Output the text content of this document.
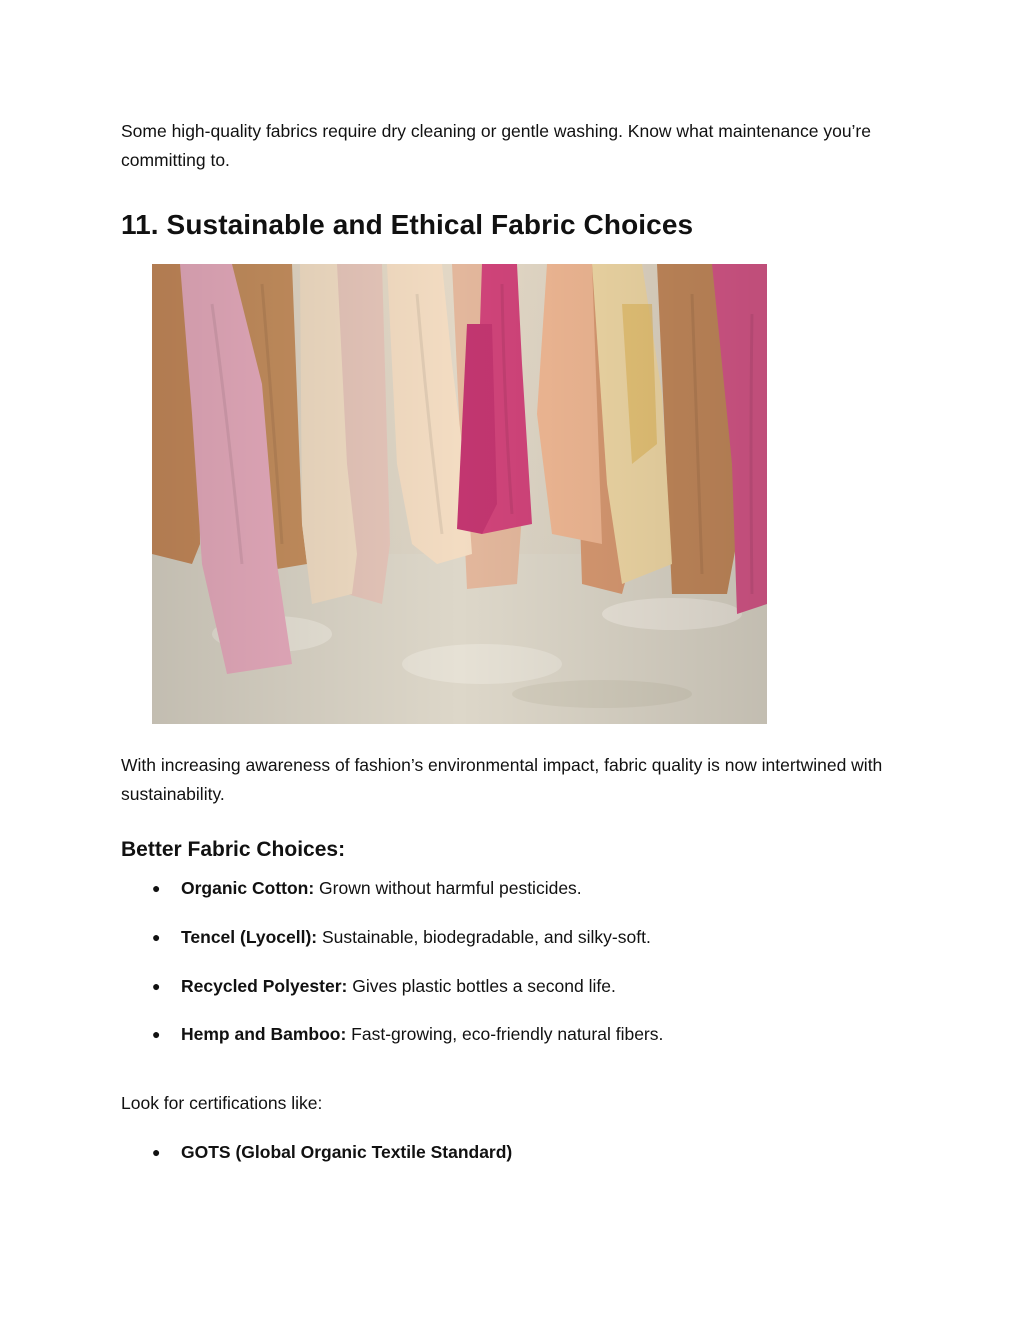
Some high-quality fabrics require dry cleaning or gentle washing. Know what maintenance you’re committing to.

11. Sustainable and Ethical Fabric Choices

With increasing awareness of fashion’s environmental impact, fabric quality is now intertwined with sustainability.

Better Fabric Choices:
● Organic Cotton: Grown without harmful pesticides.
● Tencel (Lyocell): Sustainable, biodegradable, and silky-soft.
● Recycled Polyester: Gives plastic bottles a second life.
● Hemp and Bamboo: Fast-growing, eco-friendly natural fibers.

Look for certifications like:

● GOTS (Global Organic Textile Standard)
